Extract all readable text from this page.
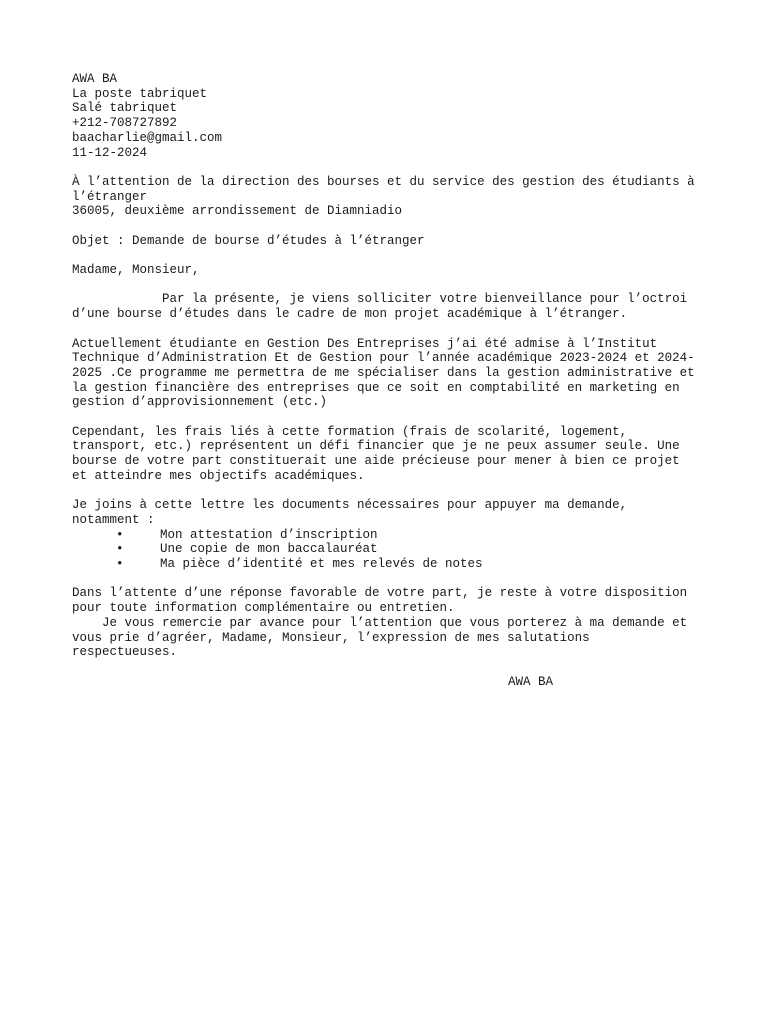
AWA BA
La poste tabriquet
Salé tabriquet
+212-708727892
baacharlie@gmail.com
11-12-2024
À l’attention de la direction des bourses et du service des gestion des étudiants à
l’étranger
36005, deuxième arrondissement de Diamniadio
Objet : Demande de bourse d’études à l’étranger
Madame, Monsieur,
Par la présente, je viens solliciter votre bienveillance pour l’octroi
d’une bourse d’études dans le cadre de mon projet académique à l’étranger.
Actuellement étudiante en Gestion Des Entreprises j’ai été admise à l’Institut
Technique d’Administration Et de Gestion pour l’année académique 2023-2024 et 2024-
2025 .Ce programme me permettra de me spécialiser dans la gestion administrative et
la gestion financière des entreprises que ce soit en comptabilité en marketing en
gestion d’approvisionnement (etc.)
Cependant, les frais liés à cette formation (frais de scolarité, logement,
transport, etc.) représentent un défi financier que je ne peux assumer seule. Une
bourse de votre part constituerait une aide précieuse pour mener à bien ce projet
et atteindre mes objectifs académiques.
Je joins à cette lettre les documents nécessaires pour appuyer ma demande,
notamment :
•	Mon attestation d’inscription
•	Une copie de mon baccalauréat
•	Ma pièce d’identité et mes relevés de notes
Dans l’attente d’une réponse favorable de votre part, je reste à votre disposition
pour toute information complémentaire ou entretien.
Je vous remercie par avance pour l’attention que vous porterez à ma demande et
vous prie d’agréer, Madame, Monsieur, l’expression de mes salutations
respectueuses.
AWA BA
